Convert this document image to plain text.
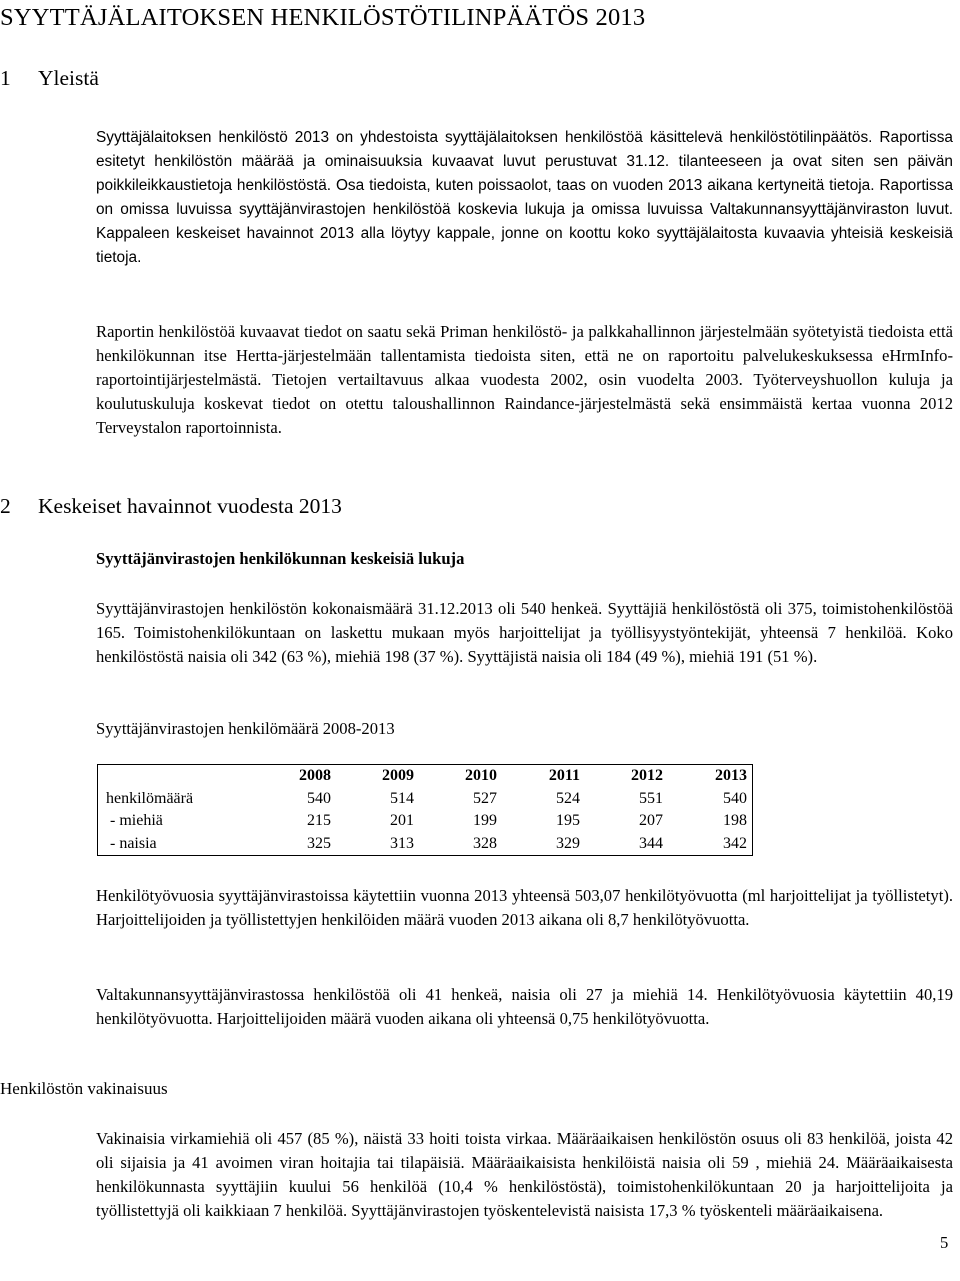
SYYTTÄJÄLAITOKSEN HENKILÖSTÖTILINPÄÄTÖS 2013
1 Yleistä

Syyttäjälaitoksen henkilöstö 2013 on yhdestoista syyttäjälaitoksen henkilöstöä käsittelevä henkilöstötilinpäätös. Raportissa esitetyt henkilöstön määrää ja ominaisuuksia kuvaavat luvut perustuvat 31.12. tilanteeseen ja ovat siten sen päivän poikkileikkaustietoja henkilöstöstä. Osa tiedoista, kuten poissaolot, taas on vuoden 2013 aikana kertyneitä tietoja. Raportissa on omissa luvuissa syyttäjänvirastojen henkilöstöä koskevia lukuja ja omissa luvuissa Valtakunnansyyttäjänviraston luvut. Kappaleen keskeiset havainnot 2013 alla löytyy kappale, jonne on koottu koko syyttäjälaitosta kuvaavia yhteisiä keskeisiä tietoja.

Raportin henkilöstöä kuvaavat tiedot on saatu sekä Priman henkilöstö- ja palkkahallinnon järjestelmään syötetyistä tiedoista että henkilökunnan itse Hertta-järjestelmään tallentamista tiedoista siten, että ne on raportoitu palvelukeskuksessa eHrmInfo- raportointijärjestelmästä. Tietojen vertailtavuus alkaa vuodesta 2002, osin vuodelta 2003. Työterveyshuollon kuluja ja koulutuskuluja koskevat tiedot on otettu taloushallinnon Raindance-järjestelmästä sekä ensimmäistä kertaa vuonna 2012 Terveystalon raportoinnista.

2 Keskeiset havainnot vuodesta 2013
Syyttäjänvirastojen henkilökunnan keskeisiä lukuja

Syyttäjänvirastojen henkilöstön kokonaismäärä 31.12.2013 oli 540 henkeä. Syyttäjiä henkilöstöstä oli 375, toimistohenkilöstöä 165. Toimistohenkilökuntaan on laskettu mukaan myös harjoittelijat ja työllisyystyöntekijät, yhteensä 7 henkilöä. Koko henkilöstöstä naisia oli 342 (63 %), miehiä 198 (37 %). Syyttäjistä naisia oli 184 (49 %), miehiä 191 (51 %).

Syyttäjänvirastojen henkilömäärä 2008-2013
	2008	2009	2010	2011	2012	2013
henkilömäärä	540	514	527	524	551	540
- miehiä	215	201	199	195	207	198
- naisia	325	313	328	329	344	342

Henkilötyövuosia syyttäjänvirastoissa käytettiin vuonna 2013 yhteensä 503,07 henkilötyövuotta (ml harjoittelijat ja työllistetyt). Harjoittelijoiden ja työllistettyjen henkilöiden määrä vuoden 2013 aikana oli 8,7 henkilötyövuotta.

Valtakunnansyyttäjänvirastossa henkilöstöä oli 41 henkeä, naisia oli 27 ja miehiä 14. Henkilötyövuosia käytettiin 40,19 henkilötyövuotta. Harjoittelijoiden määrä vuoden aikana oli yhteensä 0,75 henkilötyövuotta.

Henkilöstön vakinaisuus

Vakinaisia virkamiehiä oli 457 (85 %), näistä 33 hoiti toista virkaa. Määräaikaisen henkilöstön osuus oli 83 henkilöä, joista 42 oli sijaisia ja 41 avoimen viran hoitajia tai tilapäisiä. Määräaikaisista henkilöistä naisia oli 59 , miehiä 24. Määräaikaisesta henkilökunnasta syyttäjiin kuului 56 henkilöä (10,4 % henkilöstöstä), toimistohenkilökuntaan 20 ja harjoittelijoita ja työllistettyjä oli kaikkiaan 7 henkilöä. Syyttäjänvirastojen työskentelevistä naisista 17,3 % työskenteli määräaikaisena.

5
